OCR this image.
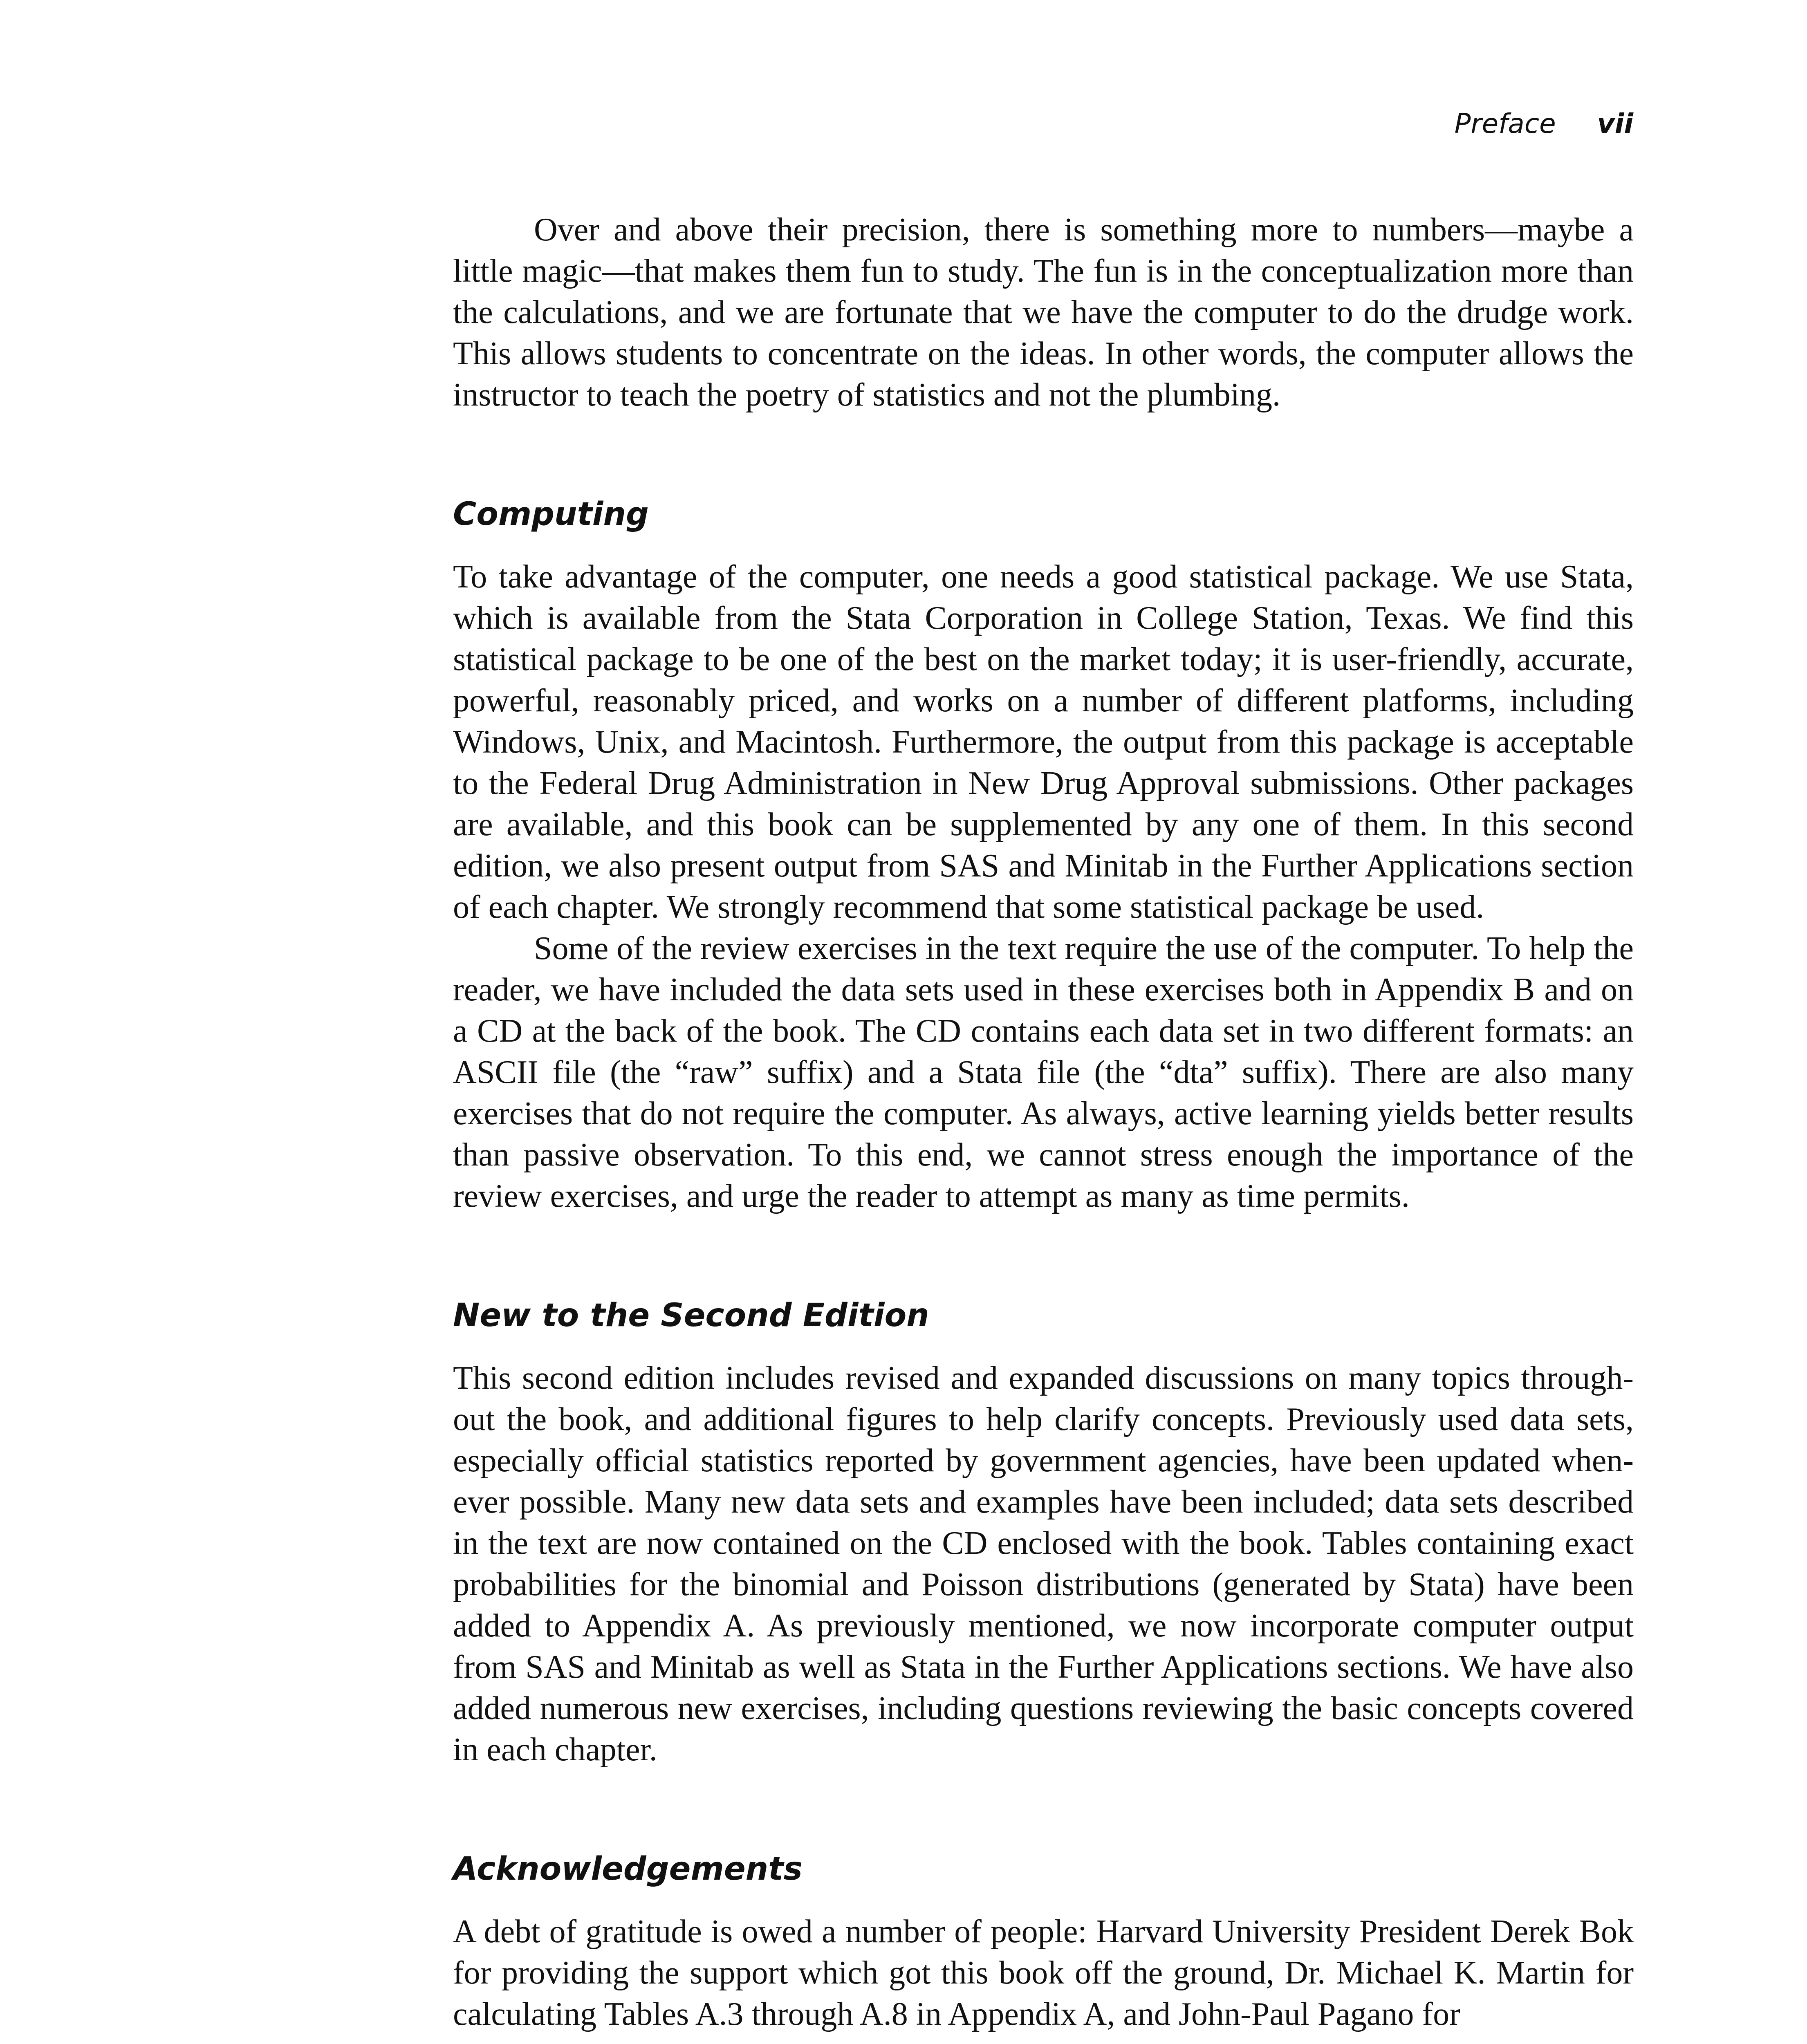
Preface vii

Over and above their precision, there is something more to numbers—maybe a little magic—that makes them fun to study. The fun is in the conceptualization more than the calculations, and we are fortunate that we have the computer to do the drudge work. This allows students to concentrate on the ideas. In other words, the computer allows the instructor to teach the poetry of statistics and not the plumbing.

Computing

To take advantage of the computer, one needs a good statistical package. We use Stata, which is available from the Stata Corporation in College Station, Texas. We find this statistical package to be one of the best on the market today; it is user-friendly, accurate, powerful, reasonably priced, and works on a number of different platforms, including Windows, Unix, and Macintosh. Furthermore, the output from this package is acceptable to the Federal Drug Administration in New Drug Approval submissions. Other packages are available, and this book can be supplemented by any one of them. In this second edition, we also present output from SAS and Minitab in the Further Applications section of each chapter. We strongly recommend that some statistical package be used.

Some of the review exercises in the text require the use of the computer. To help the reader, we have included the data sets used in these exercises both in Appendix B and on a CD at the back of the book. The CD contains each data set in two different formats: an ASCII file (the “raw” suffix) and a Stata file (the “dta” suffix). There are also many exercises that do not require the computer. As always, active learning yields better results than passive observation. To this end, we cannot stress enough the importance of the review exercises, and urge the reader to attempt as many as time permits.

New to the Second Edition

This second edition includes revised and expanded discussions on many topics throughout the book, and additional figures to help clarify concepts. Previously used data sets, especially official statistics reported by government agencies, have been updated whenever possible. Many new data sets and examples have been included; data sets described in the text are now contained on the CD enclosed with the book. Tables containing exact probabilities for the binomial and Poisson distributions (generated by Stata) have been added to Appendix A. As previously mentioned, we now incorporate computer output from SAS and Minitab as well as Stata in the Further Applications sections. We have also added numerous new exercises, including questions reviewing the basic concepts covered in each chapter.

Acknowledgements

A debt of gratitude is owed a number of people: Harvard University President Derek Bok for providing the support which got this book off the ground, Dr. Michael K. Martin for calculating Tables A.3 through A.8 in Appendix A, and John-Paul Pagano for
